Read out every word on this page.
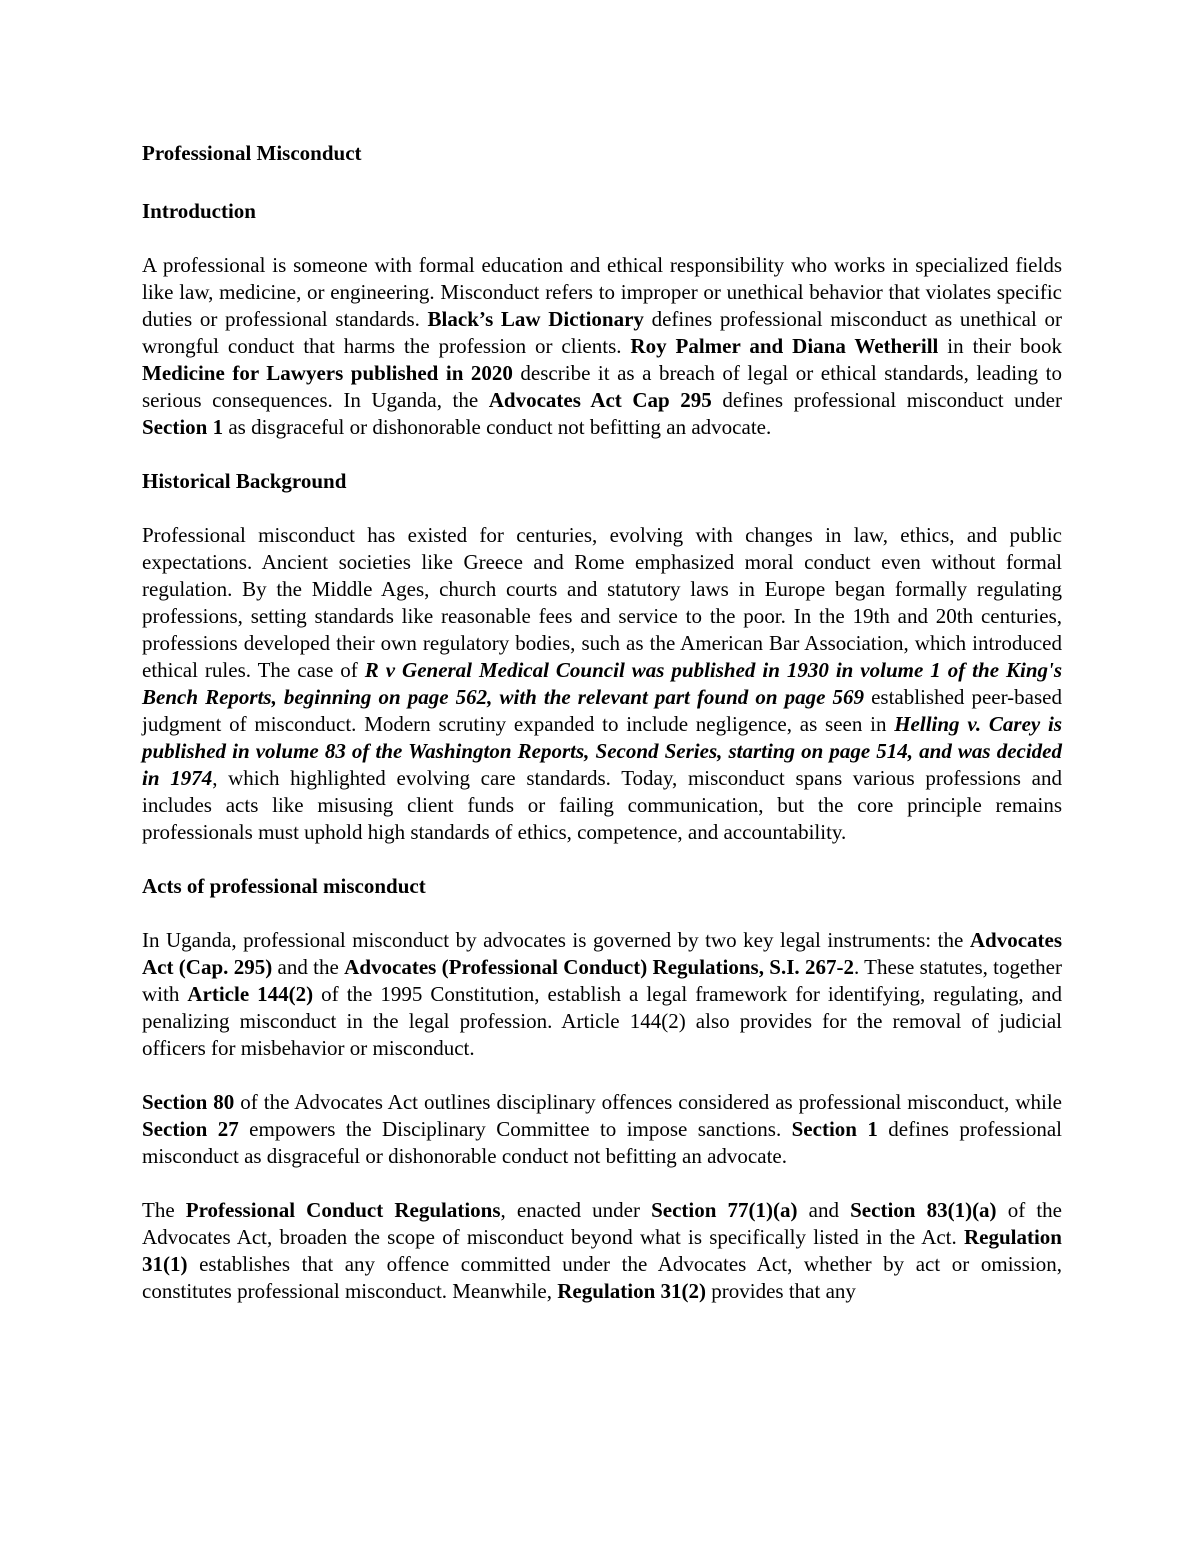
Professional Misconduct
Introduction

A professional is someone with formal education and ethical responsibility who works in specialized fields like law, medicine, or engineering. Misconduct refers to improper or unethical behavior that violates specific duties or professional standards. Black’s Law Dictionary defines professional misconduct as unethical or wrongful conduct that harms the profession or clients. Roy Palmer and Diana Wetherill in their book Medicine for Lawyers published in 2020 describe it as a breach of legal or ethical standards, leading to serious consequences. In Uganda, the Advocates Act Cap 295 defines professional misconduct under Section 1 as disgraceful or dishonorable conduct not befitting an advocate.

Historical Background

Professional misconduct has existed for centuries, evolving with changes in law, ethics, and public expectations. Ancient societies like Greece and Rome emphasized moral conduct even without formal regulation. By the Middle Ages, church courts and statutory laws in Europe began formally regulating professions, setting standards like reasonable fees and service to the poor. In the 19th and 20th centuries, professions developed their own regulatory bodies, such as the American Bar Association, which introduced ethical rules. The case of R v General Medical Council was published in 1930 in volume 1 of the King's Bench Reports, beginning on page 562, with the relevant part found on page 569 established peer-based judgment of misconduct. Modern scrutiny expanded to include negligence, as seen in Helling v. Carey is published in volume 83 of the Washington Reports, Second Series, starting on page 514, and was decided in 1974, which highlighted evolving care standards. Today, misconduct spans various professions and includes acts like misusing client funds or failing communication, but the core principle remains professionals must uphold high standards of ethics, competence, and accountability.

Acts of professional misconduct

In Uganda, professional misconduct by advocates is governed by two key legal instruments: the Advocates Act (Cap. 295) and the Advocates (Professional Conduct) Regulations, S.I. 267-2. These statutes, together with Article 144(2) of the 1995 Constitution, establish a legal framework for identifying, regulating, and penalizing misconduct in the legal profession. Article 144(2) also provides for the removal of judicial officers for misbehavior or misconduct.

Section 80 of the Advocates Act outlines disciplinary offences considered as professional misconduct, while Section 27 empowers the Disciplinary Committee to impose sanctions. Section 1 defines professional misconduct as disgraceful or dishonorable conduct not befitting an advocate.

The Professional Conduct Regulations, enacted under Section 77(1)(a) and Section 83(1)(a) of the Advocates Act, broaden the scope of misconduct beyond what is specifically listed in the Act. Regulation 31(1) establishes that any offence committed under the Advocates Act, whether by act or omission, constitutes professional misconduct. Meanwhile, Regulation 31(2) provides that any
